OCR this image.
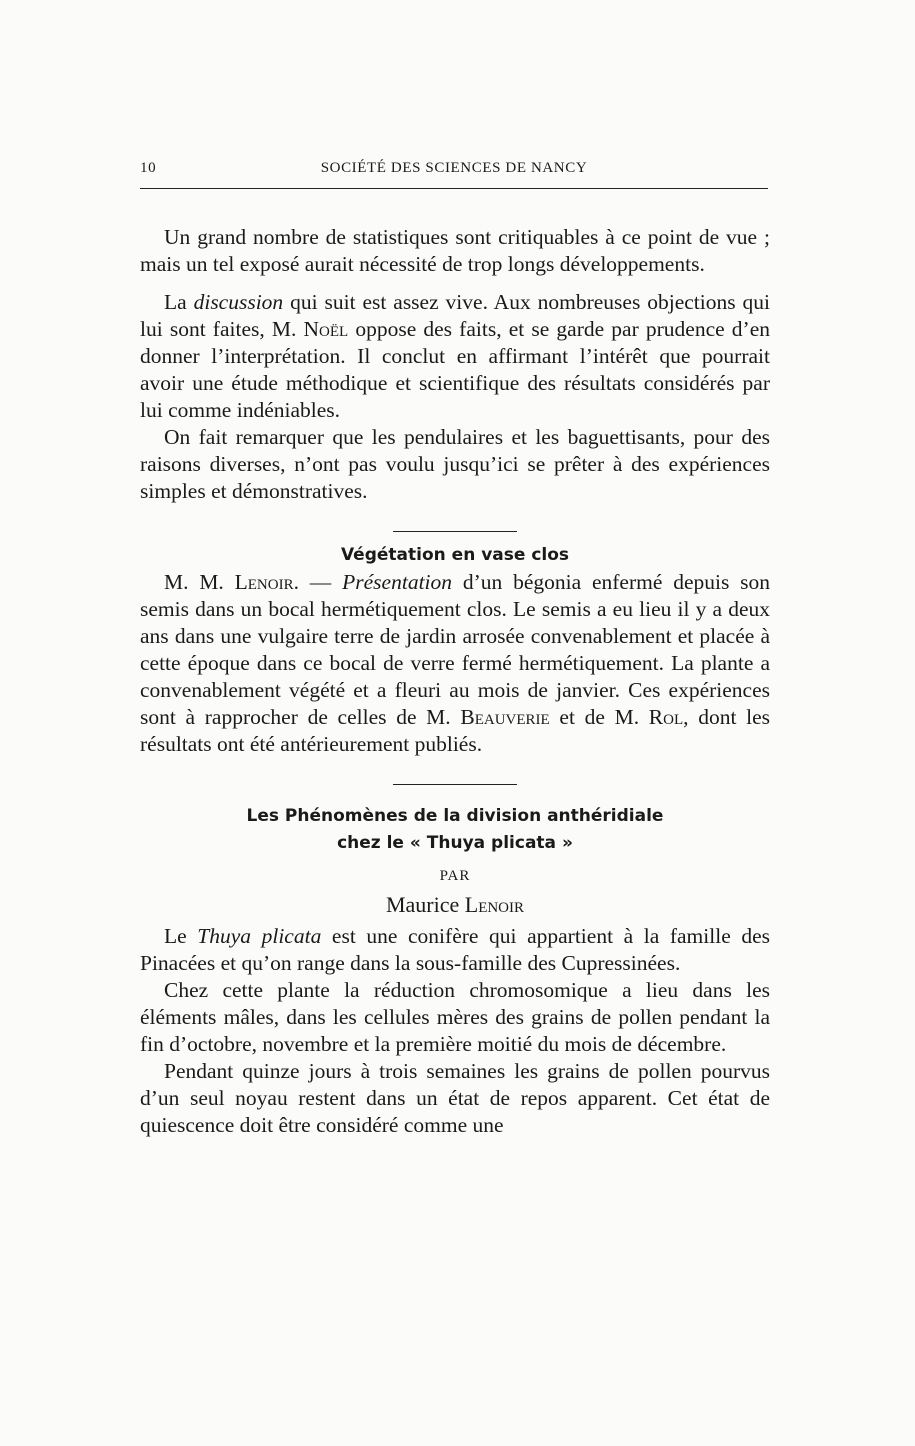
10	SOCIÉTÉ DES SCIENCES DE NANCY

Un grand nombre de statistiques sont critiquables à ce point de vue ; mais un tel exposé aurait nécessité de trop longs développements.

La discussion qui suit est assez vive. Aux nombreuses objections qui lui sont faites, M. Noël oppose des faits, et se garde par prudence d’en donner l’interprétation. Il conclut en affirmant l’intérêt que pourrait avoir une étude méthodique et scientifique des résultats considérés par lui comme indéniables.

On fait remarquer que les pendulaires et les baguettisants, pour des raisons diverses, n’ont pas voulu jusqu’ici se prêter à des expériences simples et démonstratives.

Végétation en vase clos

M. M. Lenoir. — Présentation d’un bégonia enfermé depuis son semis dans un bocal hermétiquement clos. Le semis a eu lieu il y a deux ans dans une vulgaire terre de jardin arrosée convenablement et placée à cette époque dans ce bocal de verre fermé hermétiquement. La plante a convenablement végété et a fleuri au mois de janvier. Ces expériences sont à rapprocher de celles de M. Beauverie et de M. Rol, dont les résultats ont été antérieurement publiés.

Les Phénomènes de la division anthéridiale
chez le « Thuya plicata »
PAR
Maurice Lenoir

Le Thuya plicata est une conifère qui appartient à la famille des Pinacées et qu’on range dans la sous-famille des Cupressinées.

Chez cette plante la réduction chromosomique a lieu dans les éléments mâles, dans les cellules mères des grains de pollen pendant la fin d’octobre, novembre et la première moitié du mois de décembre.

Pendant quinze jours à trois semaines les grains de pollen pourvus d’un seul noyau restent dans un état de repos apparent. Cet état de quiescence doit être considéré comme une
